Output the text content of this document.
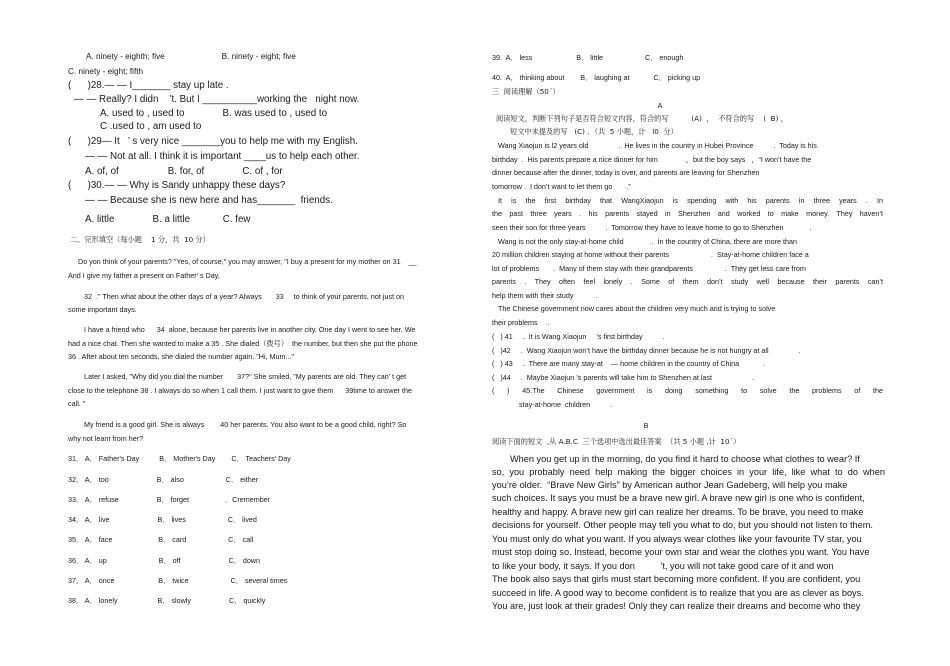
A. ninety - eighth; five                         B. ninety - eight; five
C. ninety - eight; fifth
(      )28.— — I_______ stay up late .
— — Really? I didn    ’t. But I __________working the   night now.
A. used to , used to              B. was used to , used to
C .used to , am used to
(      )29— It   ’ s very nice _______you to help me with my English.
— — Not at all. I think it is important ____us to help each other.
A. of, of                  B. for, of              C. of , for
(      )30.— — Why is Sandy unhappy these days?
— — Because she is new here and has_______  friends.
A. little              B. a little            C. few
二、完形填空（每小题    1 分，共  10 分）
Do yon think of your parents? "Yes, of course," you may answer, "I buy a present for my mother on 31    __
And I give my father a present on Father' s Day,
32  ." Then what about the other days of a year? Always       33     to think of your parents, not just on
some important days.
I have a friend who      34  alone, because her parents live in another city. One day I went to see her. We
had a nice chat. Then she wanted to make a 35 . She dialed（拨号）  the number, but then she put the phone
36 . After about ten seconds, she dialed the number again. "Hi, Mum..."
Later I asked, "Why did you dial the number       37?" She smiled, "My parents are old. They can' t get
close to the telephone 38 . I always do so when 1 call them. I just want to give them      39time to answer the
call. "
My friend is a good girl. She is always        40 her parents. You also want to be a good child, right? So
why not leant from her?
31． A． Father's Day          B． Mother's Day        C． Teachers' Day
32． A． too                        B． also                     C． either
33． A． refuse                   B． forget                  ．Cremember
34． A． live                        B． lives                     C． lived
35． A． face                       B． card                     C． call
36． A． up                          B． off                        C． down
37． A． once                      B． twice                     C． several times
38． A． lonely                    B． slowly                   C． quickly
39.  A． less                      B． little                     C． enough
40.  A． thinking about        B． laughing at            C． picking up
三  阅读理解（50´）
A
阅读短文，判断下列句子是否符合短文内容，符合的写          (A)  ，  不符合的写    (  B) ，
短文中未提及的写   (C) ．（共  5 小题，计   l0  分）
Wang Xiaojun is l2 years old               .  He lives in the country in Hubei Province          .  Today is his
birthday  .  His parents prepare a nice dinner for him              ，but the boy says   ，“I won’t have the
dinner because after the dinner, today is over, and parents are leaving for Shenzhen
tomorrow .  I don’t want to let them go       .”
It is the first birthday that WangXiaojun is spending with his parents in three years . In
the past three years . his parents stayed in Shenzhen and worked to make money. They haven’t
seen their son for three years          .  Tomorrow they have to leave home to go to Shenzhen             .
Wang is not the only stay-at-home child              .  In the country of China, there are more than
20 million children staying at home without their parents                     .  Stay-at-home children face a
lot of problems       .  Many of them stay with their grandparents                .  They get less care from
parents . They often feel lonely . Some of them don’t study well because their parents can’t
help them with their study           .
The Chinese government now cares about the children very much and is trying to solve
their problems     .
(   ) 41     .  It is Wang Xiaojun     ’s first birthday          .
(   )42     .  Wang Xiaojun won’t have the birthday dinner because he is not hungry at all               .
(   ) 43     .  There are many stay-at    — home children in the country of China            .
(   )44     .  Maybe Xiaojun ’s parents will take him to Shenzhen at last                    .
( ) 45.The Chinese government is doing something to solve the problems of the
stay-at-home  children          .
B
阅读下面的短文  ,从 A.B.C  三个选项中选出最佳答案  （共 5 小题 ,计  10´）
When you get up in the morning, do you find it hard to choose what clothes to wear? If
so, you probably need help making the bigger choices in your life, like what to do when
you’re older.  “Brave New Girls” by American author Jean Gadeberg, will help you make
such choices. It says you must be a brave new girl. A brave new girl is one who is confident,
healthy and happy. A brave new girl can realize her dreams. To be brave, you need to make
decisions for yourself. Other people may tell you what to do, but you should not listen to them.
You must only do what you want. If you always wear clothes like your favourite TV star, you
must stop doing so. Instead, become your own star and wear the clothes you want. You have
to like your body, it says. If you don          ’t, you will not take good care of it and won
The book also says that girls must start becoming more confident. If you are confident, you
succeed in life. A good way to become confident is to realize that you are as clever as boys.
You are, just look at their grades! Only they can realize their dreams and become who they
